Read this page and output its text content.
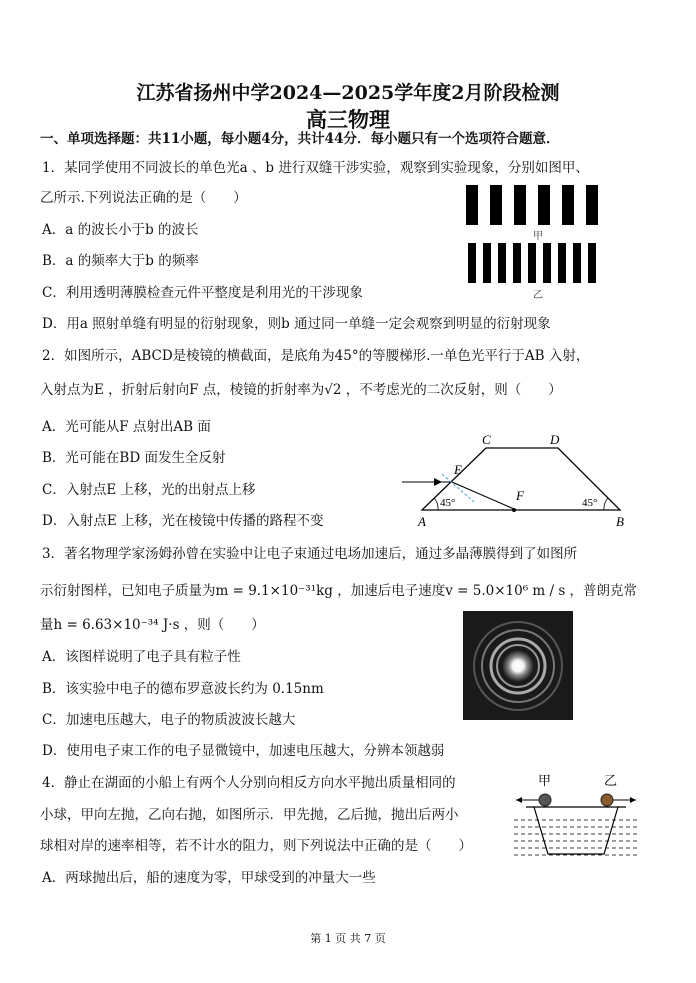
江苏省扬州中学2024—2025学年度2月阶段检测
高三物理
一、单项选择题：共11小题，每小题4分，共计44分．每小题只有一个选项符合题意．
1．某同学使用不同波长的单色光a 、b 进行双缝干涉实验，观察到实验现象，分别如图甲、
乙所示.下列说法正确的是（　　）
A．a 的波长小于b 的波长
B．a 的频率大于b 的频率
C．利用透明薄膜检查元件平整度是利用光的干涉现象
D．用a 照射单缝有明显的衍射现象，则b 通过同一单缝一定会观察到明显的衍射现象
甲
乙
2．如图所示，ABCD是棱镜的横截面，是底角为45°的等腰梯形.一单色光平行于AB 入射，
入射点为E ，折射后射向F 点，棱镜的折射率为√2 ，不考虑光的二次反射，则（　　）
A．光可能从F 点射出AB 面
B．光可能在BD 面发生全反射
C．入射点E 上移，光的出射点上移
D．入射点E 上移，光在棱镜中传播的路程不变	A	B
C	D
E
F
45°	45°
3．著名物理学家汤姆孙曾在实验中让电子束通过电场加速后，通过多晶薄膜得到了如图所
示衍射图样，已知电子质量为m = 9.1×10⁻³¹kg ，加速后电子速度v = 5.0×10⁶ m / s ，普朗克常
量h = 6.63×10⁻³⁴ J·s ，则（　　）
A．该图样说明了电子具有粒子性
B．该实验中电子的德布罗意波长约为 0.15nm
C．加速电压越大，电子的物质波波长越大
D．使用电子束工作的电子显微镜中，加速电压越大，分辨本领越弱
4．静止在湖面的小船上有两个人分别向相反方向水平抛出质量相同的
小球，甲向左抛，乙向右抛，如图所示．甲先抛，乙后抛，抛出后两小
球相对岸的速率相等，若不计水的阻力，则下列说法中正确的是（　　）
A．两球抛出后，船的速度为零，甲球受到的冲量大一些
甲	乙
第 1 页 共 7 页
